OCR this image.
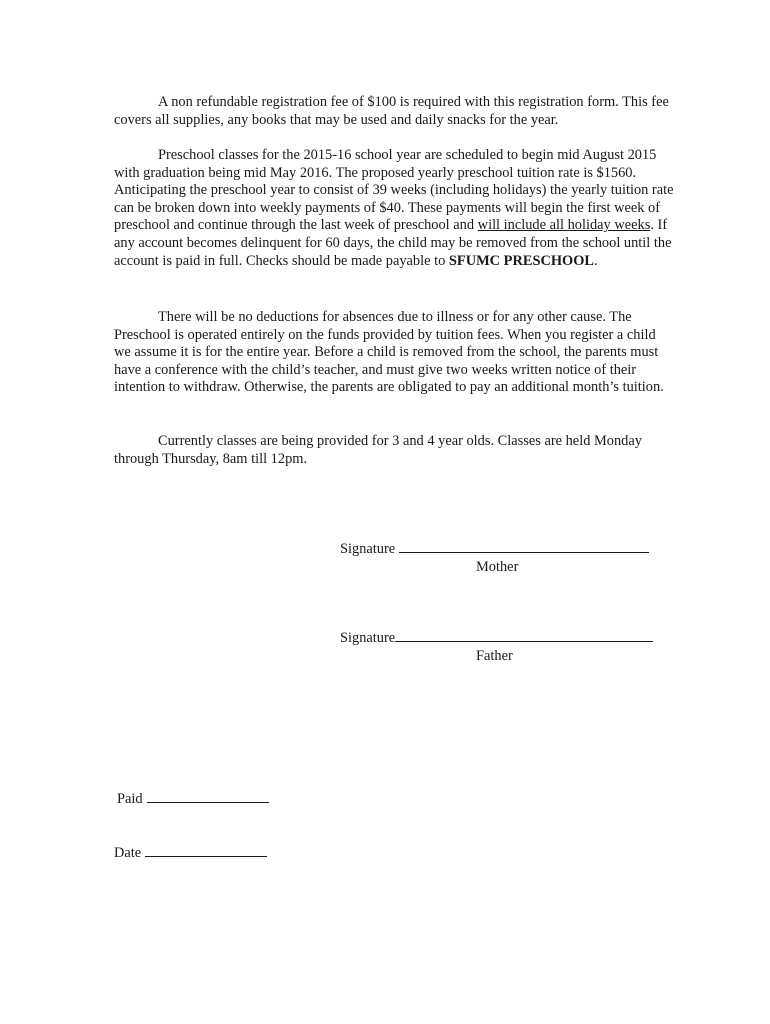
A non refundable registration fee of $100 is required with this registration form. This fee covers all supplies, any books that may be used and daily snacks for the year.

Preschool classes for the 2015-16 school year are scheduled to begin mid August 2015 with graduation being mid May 2016. The proposed yearly preschool tuition rate is $1560. Anticipating the preschool year to consist of 39 weeks (including holidays) the yearly tuition rate can be broken down into weekly payments of $40. These payments will begin the first week of preschool and continue through the last week of preschool and will include all holiday weeks. If any account becomes delinquent for 60 days, the child may be removed from the school until the account is paid in full. Checks should be made payable to SFUMC PRESCHOOL.

There will be no deductions for absences due to illness or for any other cause. The Preschool is operated entirely on the funds provided by tuition fees. When you register a child we assume it is for the entire year. Before a child is removed from the school, the parents must have a conference with the child’s teacher, and must give two weeks written notice of their intention to withdraw. Otherwise, the parents are obligated to pay an additional month’s tuition.

Currently classes are being provided for 3 and 4 year olds. Classes are held Monday through Thursday, 8am till 12pm.

Signature
Mother
Signature
Father
Paid
Date
